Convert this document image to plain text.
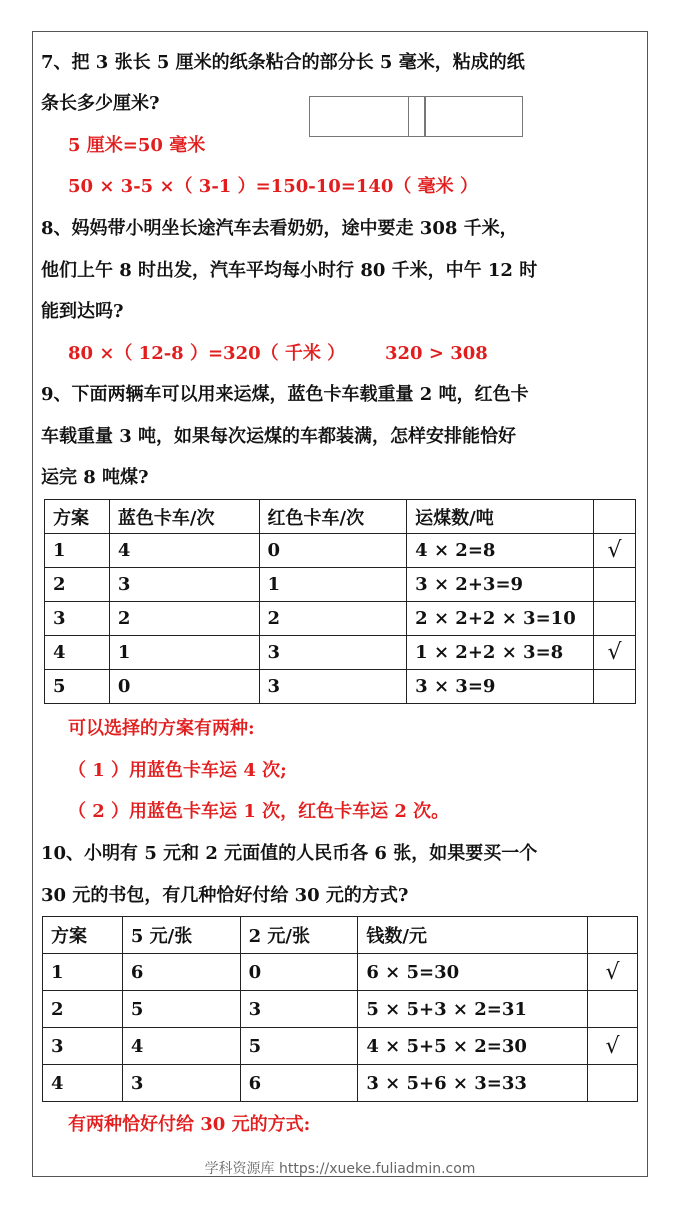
7、把 3 张长 5 厘米的纸条粘合的部分长 5 毫米，粘成的纸
条长多少厘米?
5 厘米=50 毫米
50 × 3-5 ×（ 3-1 ）=150-10=140（ 毫米 ）
8、妈妈带小明坐长途汽车去看奶奶，途中要走 308 千米，
他们上午 8 时出发，汽车平均每小时行 80 千米，中午 12 时
能到达吗?
80 ×（ 12-8 ）=320（ 千米 ） 320 > 308
9、下面两辆车可以用来运煤，蓝色卡车载重量 2 吨，红色卡
车载重量 3 吨，如果每次运煤的车都装满，怎样安排能恰好
运完 8 吨煤?
方案	蓝色卡车/次	红色卡车/次	运煤数/吨	
1	4	0	4 × 2=8	√
2	3	1	3 × 2+3=9	
3	2	2	2 × 2+2 × 3=10	
4	1	3	1 × 2+2 × 3=8	√
5	0	3	3 × 3=9	
可以选择的方案有两种:
（ 1 ）用蓝色卡车运 4 次;
（ 2 ）用蓝色卡车运 1 次，红色卡车运 2 次。
10、小明有 5 元和 2 元面值的人民币各 6 张，如果要买一个
30 元的书包，有几种恰好付给 30 元的方式?
方案	5 元/张	2 元/张	钱数/元	
1	6	0	6 × 5=30	√
2	5	3	5 × 5+3 × 2=31	
3	4	5	4 × 5+5 × 2=30	√
4	3	6	3 × 5+6 × 3=33	
有两种恰好付给 30 元的方式:
学科资源库 https://xueke.fuliadmin.com
